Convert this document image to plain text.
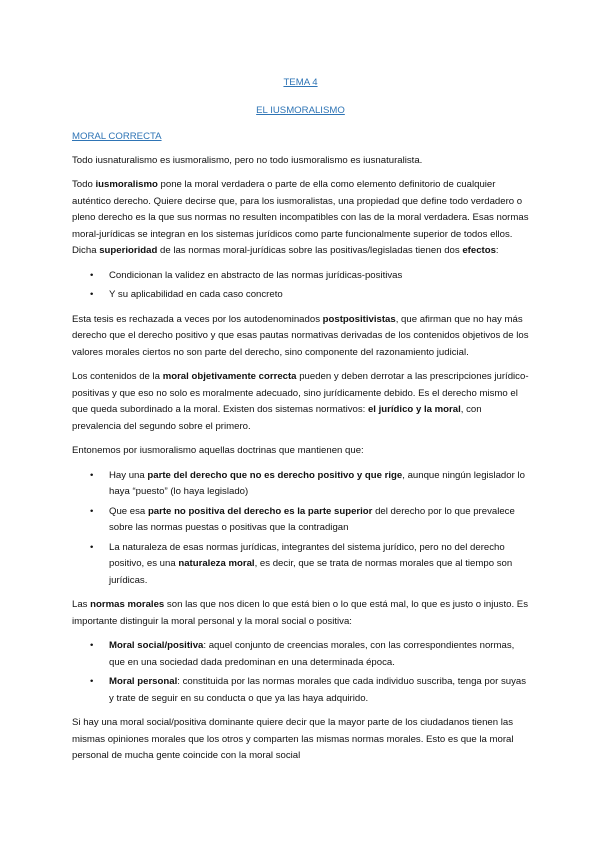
TEMA 4

EL IUSMORALISMO

MORAL CORRECTA

Todo iusnaturalismo es iusmoralismo, pero no todo iusmoralismo es iusnaturalista.

Todo iusmoralismo pone la moral verdadera o parte de ella como elemento definitorio de cualquier auténtico derecho. Quiere decirse que, para los iusmoralistas, una propiedad que define todo verdadero o pleno derecho es la que sus normas no resulten incompatibles con las de la moral verdadera. Esas normas moral-jurídicas se integran en los sistemas jurídicos como parte funcionalmente superior de todos ellos. Dicha superioridad de las normas moral-jurídicas sobre las positivas/legisladas tienen dos efectos:

• Condicionan la validez en abstracto de las normas jurídicas-positivas
• Y su aplicabilidad en cada caso concreto

Esta tesis es rechazada a veces por los autodenominados postpositivistas, que afirman que no hay más derecho que el derecho positivo y que esas pautas normativas derivadas de los contenidos objetivos de los valores morales ciertos no son parte del derecho, sino componente del razonamiento judicial.

Los contenidos de la moral objetivamente correcta pueden y deben derrotar a las prescripciones jurídico-positivas y que eso no solo es moralmente adecuado, sino jurídicamente debido. Es el derecho mismo el que queda subordinado a la moral. Existen dos sistemas normativos: el jurídico y la moral, con prevalencia del segundo sobre el primero.

Entonemos por iusmoralismo aquellas doctrinas que mantienen que:

• Hay una parte del derecho que no es derecho positivo y que rige, aunque ningún legislador lo haya “puesto” (lo haya legislado)
• Que esa parte no positiva del derecho es la parte superior del derecho por lo que prevalece sobre las normas puestas o positivas que la contradigan
• La naturaleza de esas normas jurídicas, integrantes del sistema jurídico, pero no del derecho positivo, es una naturaleza moral, es decir, que se trata de normas morales que al tiempo son jurídicas.

Las normas morales son las que nos dicen lo que está bien o lo que está mal, lo que es justo o injusto. Es importante distinguir la moral personal y la moral social o positiva:

• Moral social/positiva: aquel conjunto de creencias morales, con las correspondientes normas, que en una sociedad dada predominan en una determinada época.
• Moral personal: constituida por las normas morales que cada individuo suscriba, tenga por suyas y trate de seguir en su conducta o que ya las haya adquirido.

Si hay una moral social/positiva dominante quiere decir que la mayor parte de los ciudadanos tienen las mismas opiniones morales que los otros y comparten las mismas normas morales. Esto es que la moral personal de mucha gente coincide con la moral social
